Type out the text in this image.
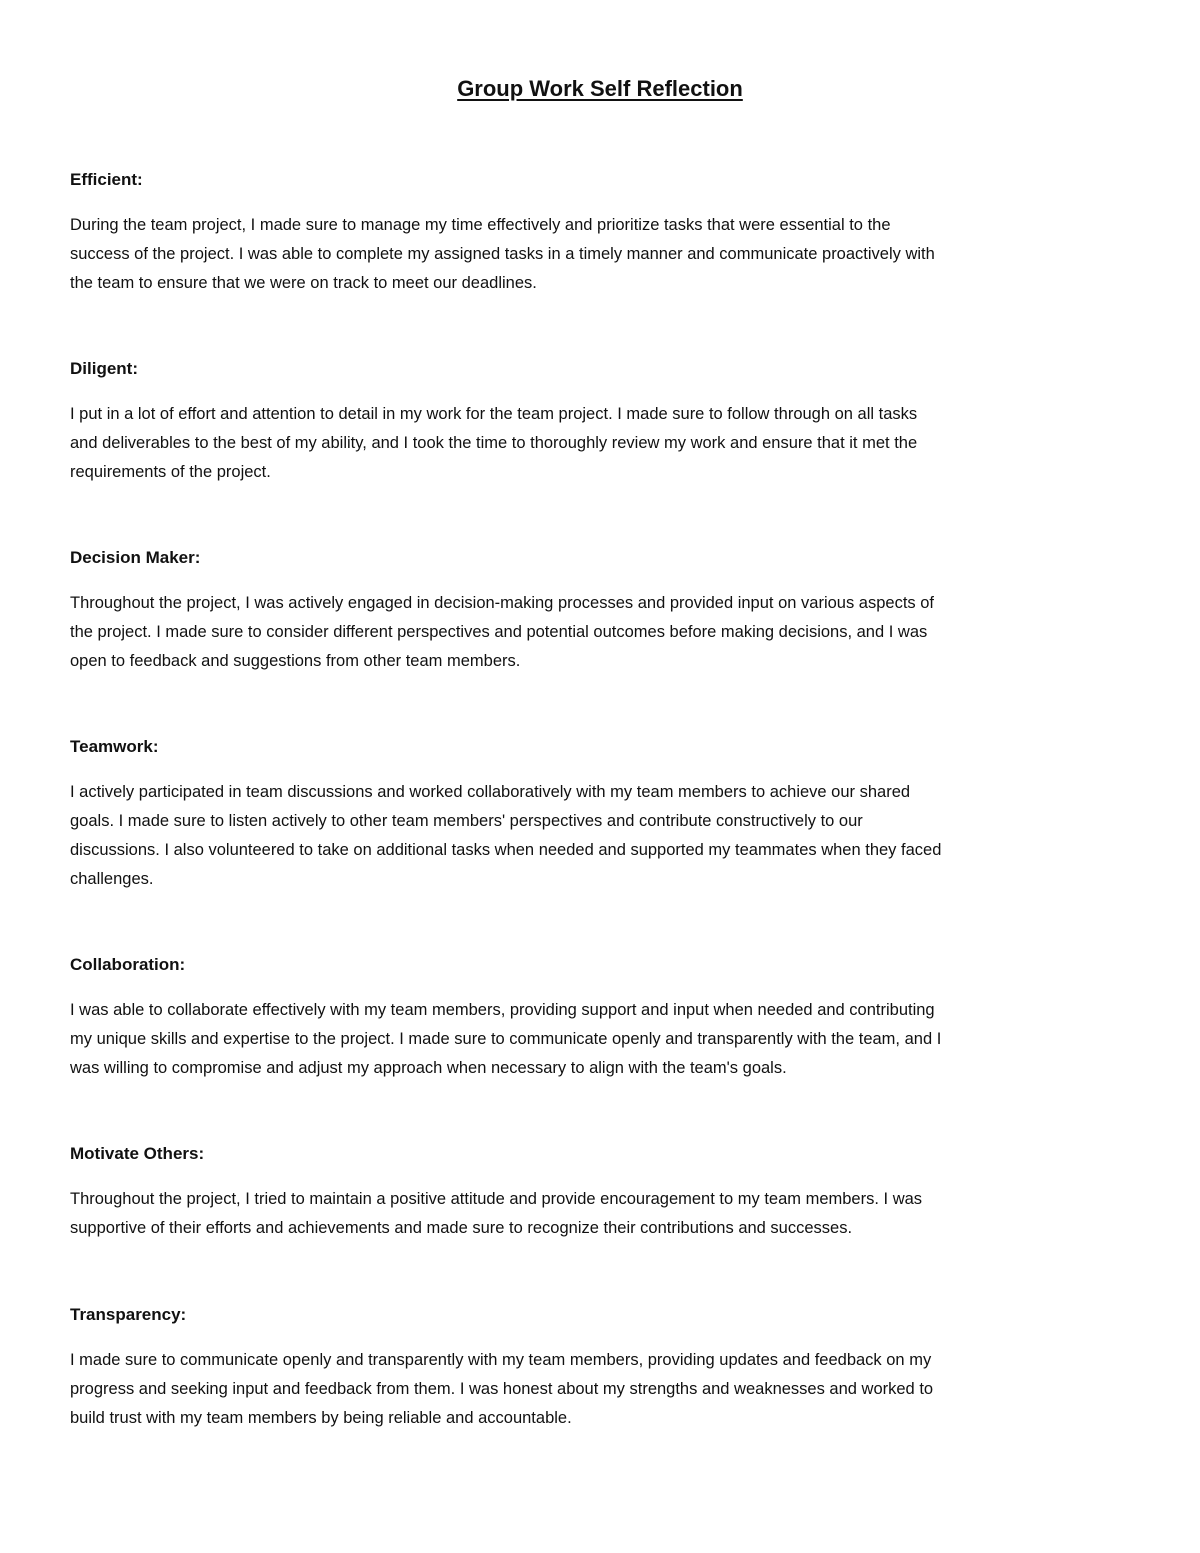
Group Work Self Reflection
Efficient:

During the team project, I made sure to manage my time effectively and prioritize tasks that were essential to the
success of the project. I was able to complete my assigned tasks in a timely manner and communicate proactively with
the team to ensure that we were on track to meet our deadlines.

Diligent:

I put in a lot of effort and attention to detail in my work for the team project. I made sure to follow through on all tasks
and deliverables to the best of my ability, and I took the time to thoroughly review my work and ensure that it met the
requirements of the project.

Decision Maker:

Throughout the project, I was actively engaged in decision-making processes and provided input on various aspects of
the project. I made sure to consider different perspectives and potential outcomes before making decisions, and I was
open to feedback and suggestions from other team members.

Teamwork:

I actively participated in team discussions and worked collaboratively with my team members to achieve our shared
goals. I made sure to listen actively to other team members' perspectives and contribute constructively to our
discussions. I also volunteered to take on additional tasks when needed and supported my teammates when they faced
challenges.

Collaboration:

I was able to collaborate effectively with my team members, providing support and input when needed and contributing
my unique skills and expertise to the project. I made sure to communicate openly and transparently with the team, and I
was willing to compromise and adjust my approach when necessary to align with the team's goals.

Motivate Others:

Throughout the project, I tried to maintain a positive attitude and provide encouragement to my team members. I was
supportive of their efforts and achievements and made sure to recognize their contributions and successes.

Transparency:

I made sure to communicate openly and transparently with my team members, providing updates and feedback on my
progress and seeking input and feedback from them. I was honest about my strengths and weaknesses and worked to
build trust with my team members by being reliable and accountable.
